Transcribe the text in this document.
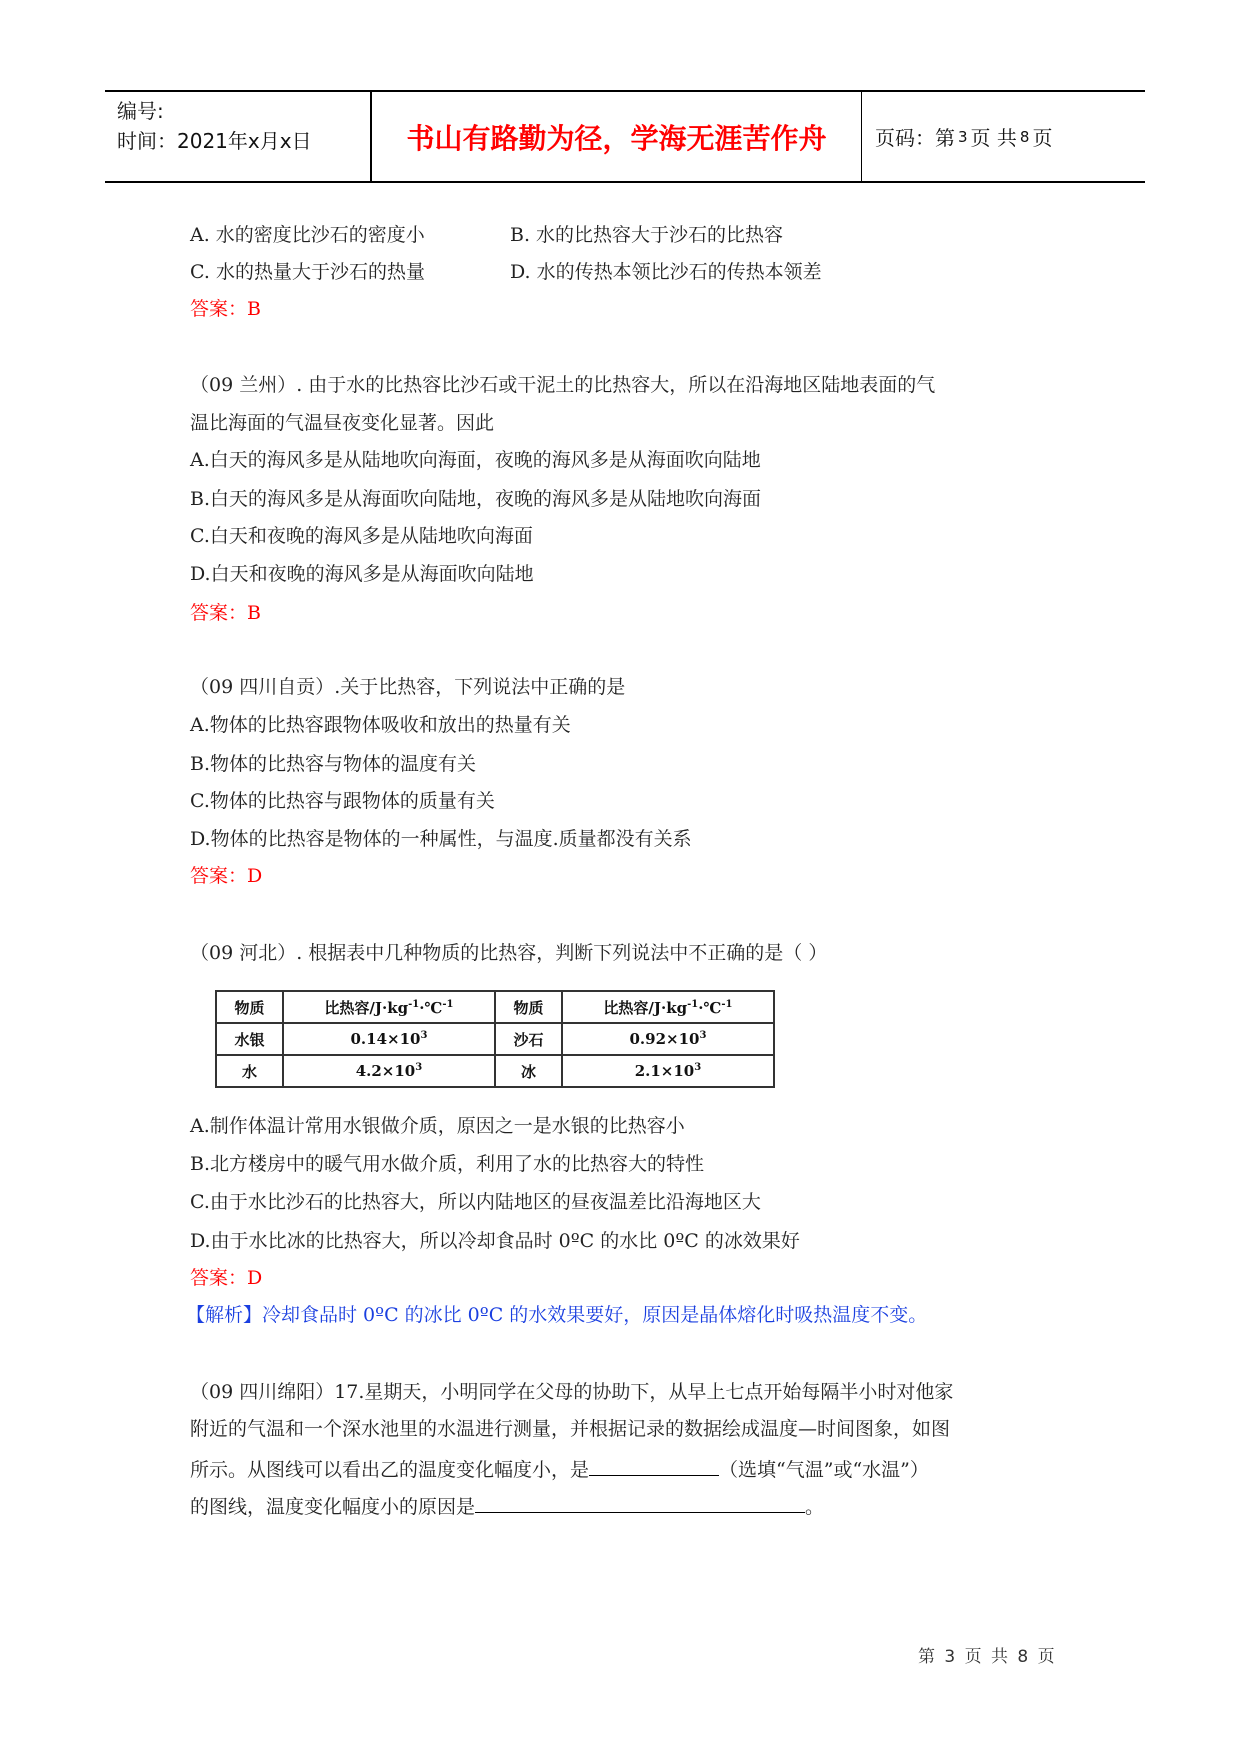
编号:
时间：2021年x月x日	书山有路勤为径，学海无涯苦作舟	页码：第 3 页 共 8 页
A. 水的密度比沙石的密度小	B. 水的比热容大于沙石的比热容
C. 水的热量大于沙石的热量	D. 水的传热本领比沙石的传热本领差
答案：B
（09 兰州）. 由于水的比热容比沙石或干泥土的比热容大，所以在沿海地区陆地表面的气
温比海面的气温昼夜变化显著。因此
A.白天的海风多是从陆地吹向海面，夜晚的海风多是从海面吹向陆地
B.白天的海风多是从海面吹向陆地，夜晚的海风多是从陆地吹向海面
C.白天和夜晚的海风多是从陆地吹向海面
D.白天和夜晚的海风多是从海面吹向陆地
答案：B
（09 四川自贡）.关于比热容，下列说法中正确的是
A.物体的比热容跟物体吸收和放出的热量有关
B.物体的比热容与物体的温度有关
C.物体的比热容与跟物体的质量有关
D.物体的比热容是物体的一种属性，与温度.质量都没有关系
答案：D
（09 河北）. 根据表中几种物质的比热容，判断下列说法中不正确的是（ ）
物质	比热容$/J\cdot kg^{-1}\cdot℃^{-1}$	物质	比热容$/J\cdot kg^{-1}\cdot℃^{-1}$
水银	$0.14\times 10^3$	沙石	$0.92\times 10^3$
水	$4.2\times 10^3$	冰	$2.1\times 10^3$
A.制作体温计常用水银做介质，原因之一是水银的比热容小
B.北方楼房中的暖气用水做介质，利用了水的比热容大的特性
C.由于水比沙石的比热容大，所以内陆地区的昼夜温差比沿海地区大
D.由于水比冰的比热容大，所以冷却食品时 0ºC 的水比 0ºC 的冰效果好
答案：D
【解析】冷却食品时 0ºC 的冰比 0ºC 的水效果要好，原因是晶体熔化时吸热温度不变。
（09 四川绵阳）17.星期天，小明同学在父母的协助下，从早上七点开始每隔半小时对他家
附近的气温和一个深水池里的水温进行测量，并根据记录的数据绘成温度—时间图象，如图
所示。从图线可以看出乙的温度变化幅度小，是	（选填“气温”或“水温”）
的图线，温度变化幅度小的原因是	。
第 3 页 共 8 页
